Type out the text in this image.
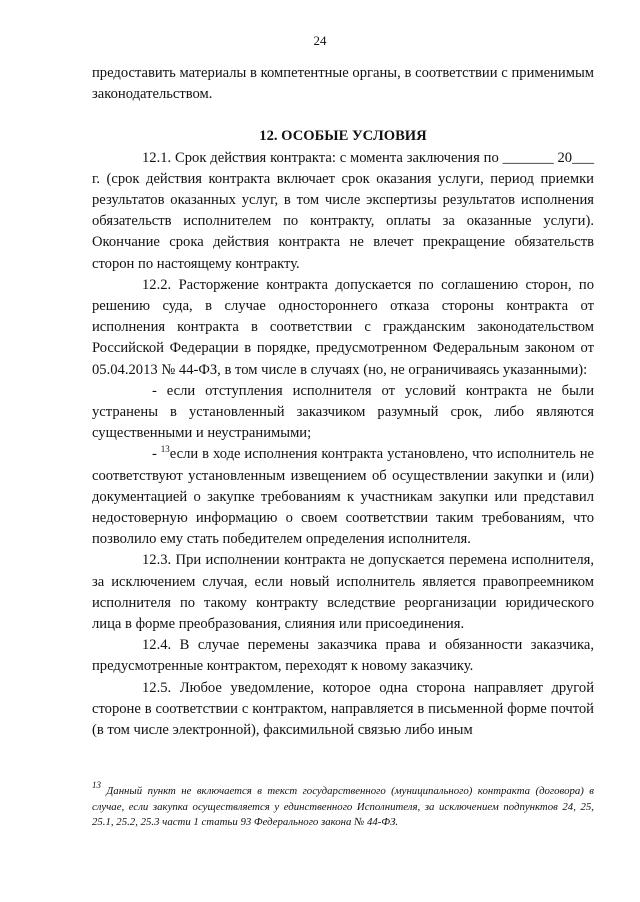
24

предоставить материалы в компетентные органы, в соответствии с применимым законодательством.

12. ОСОБЫЕ УСЛОВИЯ

12.1. Срок действия контракта: с момента заключения по _______ 20___ г. (срок действия контракта включает срок оказания услуги, период приемки результатов оказанных услуг, в том числе экспертизы результатов исполнения обязательств исполнителем по контракту, оплаты за оказанные услуги). Окончание срока действия контракта не влечет прекращение обязательств сторон по настоящему контракту.

12.2. Расторжение контракта допускается по соглашению сторон, по решению суда, в случае одностороннего отказа стороны контракта от исполнения контракта в соответствии с гражданским законодательством Российской Федерации в порядке, предусмотренном Федеральным законом от 05.04.2013 № 44-ФЗ, в том числе в случаях (но, не ограничиваясь указанными):

- если отступления исполнителя от условий контракта не были устранены в установленный заказчиком разумный срок, либо являются существенными и неустранимыми;

- $^{13}$если в ходе исполнения контракта установлено, что исполнитель не соответствуют установленным извещением об осуществлении закупки и (или) документацией о закупке требованиям к участникам закупки или представил недостоверную информацию о своем соответствии таким требованиям, что позволило ему стать победителем определения исполнителя.

12.3. При исполнении контракта не допускается перемена исполнителя, за исключением случая, если новый исполнитель является правопреемником исполнителя по такому контракту вследствие реорганизации юридического лица в форме преобразования, слияния или присоединения.

12.4. В случае перемены заказчика права и обязанности заказчика, предусмотренные контрактом, переходят к новому заказчику.

12.5. Любое уведомление, которое одна сторона направляет другой стороне в соответствии с контрактом, направляется в письменной форме почтой (в том числе электронной), факсимильной связью либо иным

$^{13}$ Данный пункт не включается в текст государственного (муниципального) контракта (договора) в случае, если закупка осуществляется у единственного Исполнителя, за исключением подпунктов 24, 25, 25.1, 25.2, 25.3 части 1 статьи 93 Федерального закона № 44-ФЗ.
